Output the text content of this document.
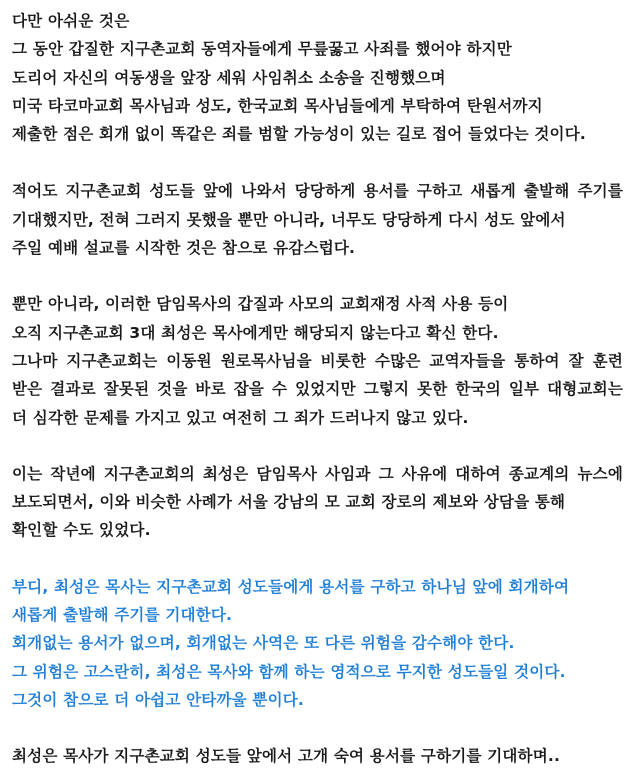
다만 아쉬운 것은
그 동안 갑질한 지구촌교회 동역자들에게 무릎꿇고 사죄를 했어야 하지만
도리어 자신의 여동생을 앞장 세워 사임취소 소송을 진행했으며
미국 타코마교회 목사님과 성도, 한국교회 목사님들에게 부탁하여 탄원서까지
제출한 점은 회개 없이 똑같은 죄를 범할 가능성이 있는 길로 접어 들었다는 것이다.
적어도 지구촌교회 성도들 앞에 나와서 당당하게 용서를 구하고 새롭게 출발해 주기를
기대했지만, 전혀 그러지 못했을 뿐만 아니라, 너무도 당당하게 다시 성도 앞에서
주일 예배 설교를 시작한 것은 참으로 유감스럽다.
뿐만 아니라, 이러한 담임목사의 갑질과 사모의 교회재정 사적 사용 등이
오직 지구촌교회 3대 최성은 목사에게만 해당되지 않는다고 확신 한다.
그나마 지구촌교회는 이동원 원로목사님을 비롯한 수많은 교역자들을 통하여 잘 훈련
받은 결과로 잘못된 것을 바로 잡을 수 있었지만 그렇지 못한 한국의 일부 대형교회는
더 심각한 문제를 가지고 있고 여전히 그 죄가 드러나지 않고 있다.
이는 작년에 지구촌교회의 최성은 담임목사 사임과 그 사유에 대하여 종교계의 뉴스에
보도되면서, 이와 비슷한 사례가 서울 강남의 모 교회 장로의 제보와 상담을 통해
확인할 수도 있었다.
부디, 최성은 목사는 지구촌교회 성도들에게 용서를 구하고 하나님 앞에 회개하여
새롭게 출발해 주기를 기대한다.
회개없는 용서가 없으며, 회개없는 사역은 또 다른 위험을 감수해야 한다.
그 위험은 고스란히, 최성은 목사와 함께 하는 영적으로 무지한 성도들일 것이다.
그것이 참으로 더 아쉽고 안타까울 뿐이다.
최성은 목사가 지구촌교회 성도들 앞에서 고개 숙여 용서를 구하기를 기대하며..
